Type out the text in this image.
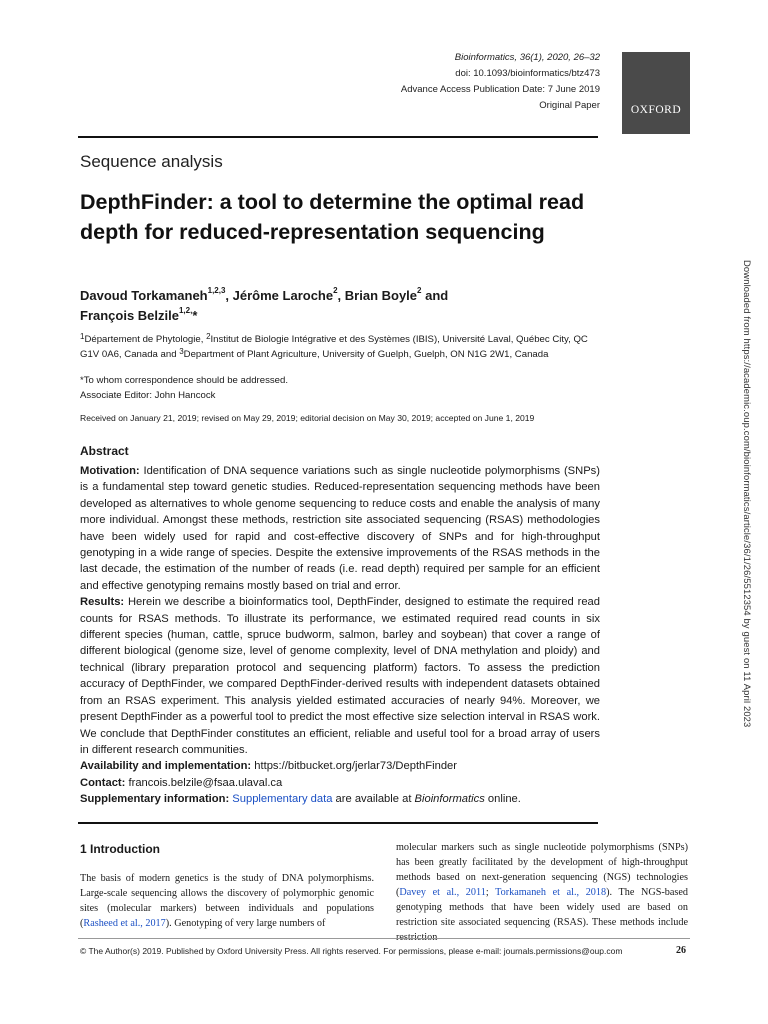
Bioinformatics, 36(1), 2020, 26–32
doi: 10.1093/bioinformatics/btz473
Advance Access Publication Date: 7 June 2019
Original Paper	OXFORD
Sequence analysis
DepthFinder: a tool to determine the optimal read depth for reduced-representation sequencing
Davoud Torkamaneh$^{1,2,3}$, Jérôme Laroche$^2$, Brian Boyle$^2$ and
François Belzile$^{1,2,}$*
$^1$Département de Phytologie, $^2$Institut de Biologie Intégrative et des Systèmes (IBIS), Université Laval, Québec City, QC G1V 0A6, Canada and $^3$Department of Plant Agriculture, University of Guelph, Guelph, ON N1G 2W1, Canada
*To whom correspondence should be addressed.
Associate Editor: John Hancock
Received on January 21, 2019; revised on May 29, 2019; editorial decision on May 30, 2019; accepted on June 1, 2019
Abstract

Motivation: Identification of DNA sequence variations such as single nucleotide polymorphisms (SNPs) is a fundamental step toward genetic studies. Reduced-representation sequencing methods have been developed as alternatives to whole genome sequencing to reduce costs and enable the analysis of many more individual. Amongst these methods, restriction site associated sequencing (RSAS) methodologies have been widely used for rapid and cost-effective discovery of SNPs and for high-throughput genotyping in a wide range of species. Despite the extensive improvements of the RSAS methods in the last decade, the estimation of the number of reads (i.e. read depth) required per sample for an efficient and effective genotyping remains mostly based on trial and error.

Results: Herein we describe a bioinformatics tool, DepthFinder, designed to estimate the required read counts for RSAS methods. To illustrate its performance, we estimated required read counts in six different species (human, cattle, spruce budworm, salmon, barley and soybean) that cover a range of different biological (genome size, level of genome complexity, level of DNA methylation and ploidy) and technical (library preparation protocol and sequencing platform) factors. To assess the prediction accuracy of DepthFinder, we compared DepthFinder-derived results with independent datasets obtained from an RSAS experiment. This analysis yielded estimated accuracies of nearly 94%. Moreover, we present DepthFinder as a powerful tool to predict the most effective size selection interval in RSAS work. We conclude that DepthFinder constitutes an efficient, reliable and useful tool for a broad array of users in different research communities.

Availability and implementation: https://bitbucket.org/jerlar73/DepthFinder

Contact: francois.belzile@fsaa.ulaval.ca

Supplementary information: Supplementary data are available at Bioinformatics online.

1 Introduction
The basis of modern genetics is the study of DNA polymorphisms. Large-scale sequencing allows the discovery of polymorphic genomic sites (molecular markers) between individuals and populations (Rasheed et al., 2017). Genotyping of very large numbers of
molecular markers such as single nucleotide polymorphisms (SNPs) has been greatly facilitated by the development of high-throughput methods based on next-generation sequencing (NGS) technologies (Davey et al., 2011; Torkamaneh et al., 2018). The NGS-based genotyping methods that have been widely used are based on restriction site associated sequencing (RSAS). These methods include
© The Author(s) 2019. Published by Oxford University Press. All rights reserved. For permissions, please e-mail: journals.permissions@oup.com	26
Downloaded from https://academic.oup.com/bioinformatics/article/36/1/26/5512354 by guest on 11 April 2023
